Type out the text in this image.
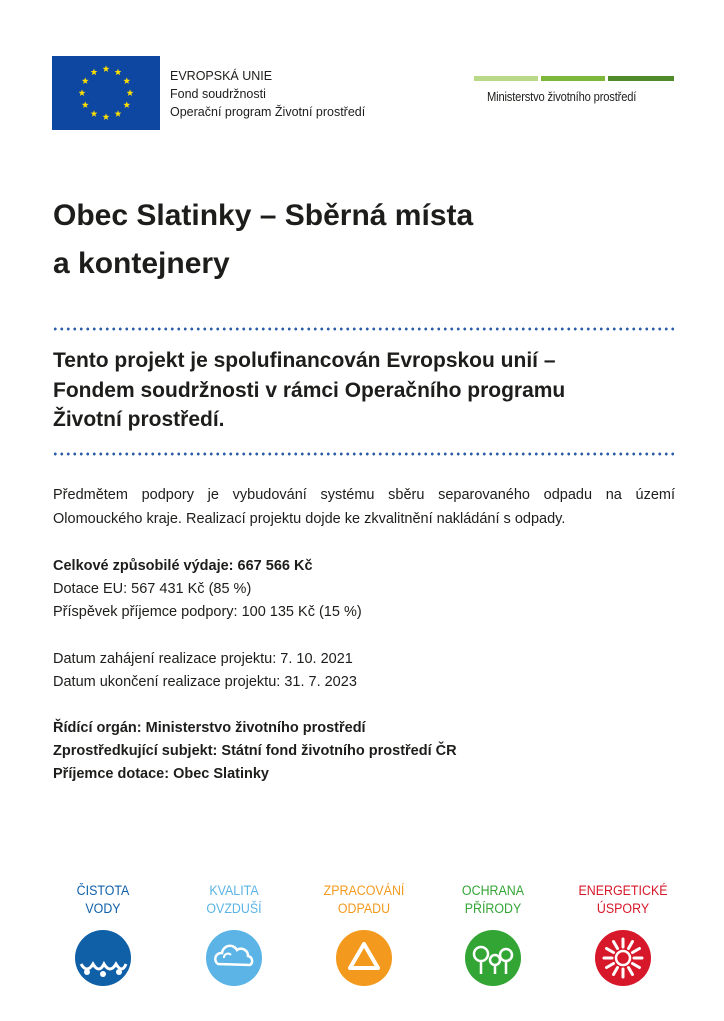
EVROPSKÁ UNIE
Fond soudržnosti
Operační program Životní prostředí
Ministerstvo životního prostředí
Obec Slatinky – Sběrná místa
a kontejnery
Tento projekt je spolufinancován Evropskou unií –
Fondem soudržnosti v rámci Operačního programu
Životní prostředí.
Předmětem podpory je vybudování systému sběru separovaného odpadu na území Olomouckého kraje. Realizací projektu dojde ke zkvalitnění nakládání s odpady.
Celkové způsobilé výdaje: 667 566 Kč
Dotace EU: 567 431 Kč (85 %)
Příspěvek příjemce podpory: 100 135 Kč (15 %)
Datum zahájení realizace projektu: 7. 10. 2021
Datum ukončení realizace projektu: 31. 7. 2023
Řídící orgán: Ministerstvo životního prostředí
Zprostředkující subjekt: Státní fond životního prostředí ČR
Příjemce dotace: Obec Slatinky
ČISTOTA
VODY
KVALITA
OVZDUŠÍ
ZPRACOVÁNÍ
ODPADU
OCHRANA
PŘÍRODY
ENERGETICKÉ
ÚSPORY
